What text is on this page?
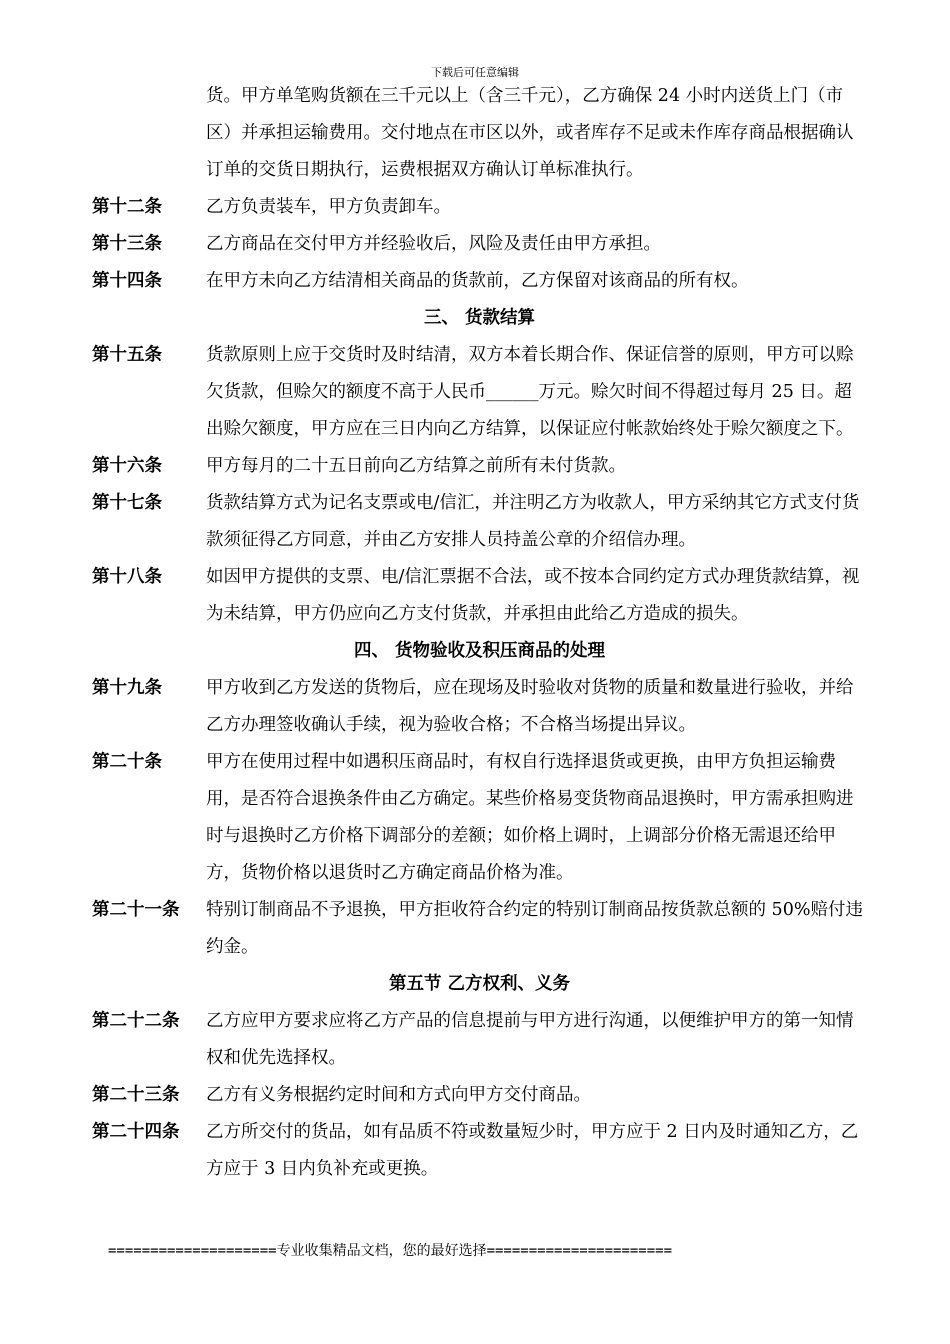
下载后可任意编辑
货。甲方单笔购货额在三千元以上（含三千元），乙方确保 24 小时内送货上门（市区）并承担运输费用。交付地点在市区以外，或者库存不足或未作库存商品根据确认订单的交货日期执行，运费根据双方确认订单标准执行。
第十二条	乙方负责装车，甲方负责卸车。
第十三条	乙方商品在交付甲方并经验收后，风险及责任由甲方承担。
第十四条	在甲方未向乙方结清相关商品的货款前，乙方保留对该商品的所有权。
三、 货款结算
第十五条	货款原则上应于交货时及时结清，双方本着长期合作、保证信誉的原则，甲方可以赊欠货款，但赊欠的额度不高于人民币______万元。赊欠时间不得超过每月 25 日。超出赊欠额度，甲方应在三日内向乙方结算，以保证应付帐款始终处于赊欠额度之下。
第十六条	甲方每月的二十五日前向乙方结算之前所有未付货款。
第十七条	货款结算方式为记名支票或电/信汇，并注明乙方为收款人，甲方采纳其它方式支付货款须征得乙方同意，并由乙方安排人员持盖公章的介绍信办理。
第十八条	如因甲方提供的支票、电/信汇票据不合法，或不按本合同约定方式办理货款结算，视为未结算，甲方仍应向乙方支付货款，并承担由此给乙方造成的损失。
四、 货物验收及积压商品的处理
第十九条	甲方收到乙方发送的货物后，应在现场及时验收对货物的质量和数量进行验收，并给乙方办理签收确认手续，视为验收合格；不合格当场提出异议。
第二十条	甲方在使用过程中如遇积压商品时，有权自行选择退货或更换，由甲方负担运输费用，是否符合退换条件由乙方确定。某些价格易变货物商品退换时，甲方需承担购进时与退换时乙方价格下调部分的差额；如价格上调时，上调部分价格无需退还给甲方，货物价格以退货时乙方确定商品价格为准。
第二十一条	特别订制商品不予退换，甲方拒收符合约定的特别订制商品按货款总额的 50%赔付违约金。
第五节 乙方权利、义务
第二十二条	乙方应甲方要求应将乙方产品的信息提前与甲方进行沟通，以便维护甲方的第一知情权和优先选择权。
第二十三条	乙方有义务根据约定时间和方式向甲方交付商品。
第二十四条	乙方所交付的货品，如有品质不符或数量短少时，甲方应于 2 日内及时通知乙方，乙方应于 3 日内负补充或更换。
====================专业收集精品文档，您的最好选择======================
